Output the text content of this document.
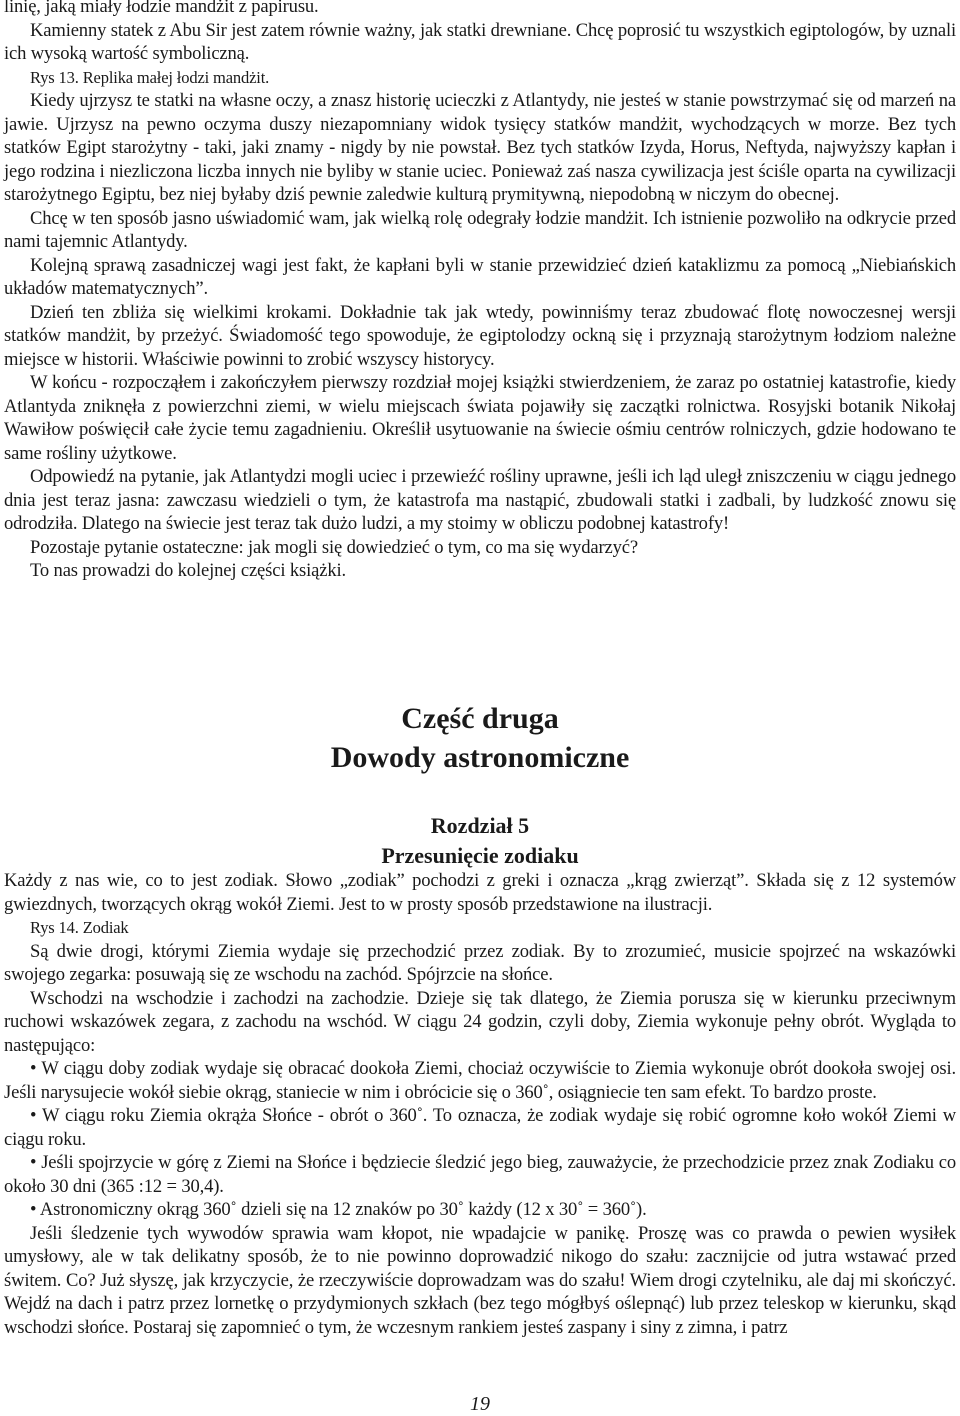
linię, jaką miały łodzie mandżit z papirusu.

Kamienny statek z Abu Sir jest zatem równie ważny, jak statki drewniane. Chcę poprosić tu wszystkich egiptologów, by uznali ich wysoką wartość symboliczną.

Rys 13. Replika małej łodzi mandżit.

Kiedy ujrzysz te statki na własne oczy, a znasz historię ucieczki z Atlantydy, nie jesteś w stanie powstrzymać się od marzeń na jawie. Ujrzysz na pewno oczyma duszy niezapomniany widok tysięcy statków mandżit, wychodzących w morze. Bez tych statków Egipt starożytny - taki, jaki znamy - nigdy by nie powstał. Bez tych statków Izyda, Horus, Neftyda, najwyższy kapłan i jego rodzina i niezliczona liczba innych nie byliby w stanie uciec. Ponieważ zaś nasza cywilizacja jest ściśle oparta na cywilizacji starożytnego Egiptu, bez niej byłaby dziś pewnie zaledwie kulturą prymitywną, niepodobną w niczym do obecnej.

Chcę w ten sposób jasno uświadomić wam, jak wielką rolę odegrały łodzie mandżit. Ich istnienie pozwoliło na odkrycie przed nami tajemnic Atlantydy.

Kolejną sprawą zasadniczej wagi jest fakt, że kapłani byli w stanie przewidzieć dzień kataklizmu za pomocą „Niebiańskich układów matematycznych”.

Dzień ten zbliża się wielkimi krokami. Dokładnie tak jak wtedy, powinniśmy teraz zbudować flotę nowoczesnej wersji statków mandżit, by przeżyć. Świadomość tego spowoduje, że egiptolodzy ockną się i przyznają starożytnym łodziom należne miejsce w historii. Właściwie powinni to zrobić wszyscy historycy.

W końcu - rozpocząłem i zakończyłem pierwszy rozdział mojej książki stwierdzeniem, że zaraz po ostatniej katastrofie, kiedy Atlantyda zniknęła z powierzchni ziemi, w wielu miejscach świata pojawiły się zaczątki rolnictwa. Rosyjski botanik Nikołaj Wawiłow poświęcił całe życie temu zagadnieniu. Określił usytuowanie na świecie ośmiu centrów rolniczych, gdzie hodowano te same rośliny użytkowe.

Odpowiedź na pytanie, jak Atlantydzi mogli uciec i przewieźć rośliny uprawne, jeśli ich ląd uległ zniszczeniu w ciągu jednego dnia jest teraz jasna: zawczasu wiedzieli o tym, że katastrofa ma nastąpić, zbudowali statki i zadbali, by ludzkość znowu się odrodziła. Dlatego na świecie jest teraz tak dużo ludzi, a my stoimy w obliczu podobnej katastrofy!

Pozostaje pytanie ostateczne: jak mogli się dowiedzieć o tym, co ma się wydarzyć?

To nas prowadzi do kolejnej części książki.

Część druga
Dowody astronomiczne
Rozdział 5
Przesunięcie zodiaku

Każdy z nas wie, co to jest zodiak. Słowo „zodiak” pochodzi z greki i oznacza „krąg zwierząt”. Składa się z 12 systemów gwiezdnych, tworzących okrąg wokół Ziemi. Jest to w prosty sposób przedstawione na ilustracji.

Rys 14. Zodiak

Są dwie drogi, którymi Ziemia wydaje się przechodzić przez zodiak. By to zrozumieć, musicie spojrzeć na wskazówki swojego zegarka: posuwają się ze wschodu na zachód. Spójrzcie na słońce.

Wschodzi na wschodzie i zachodzi na zachodzie. Dzieje się tak dlatego, że Ziemia porusza się w kierunku przeciwnym ruchowi wskazówek zegara, z zachodu na wschód. W ciągu 24 godzin, czyli doby, Ziemia wykonuje pełny obrót. Wygląda to następująco:

• W ciągu doby zodiak wydaje się obracać dookoła Ziemi, chociaż oczywiście to Ziemia wykonuje obrót dookoła swojej osi. Jeśli narysujecie wokół siebie okrąg, staniecie w nim i obrócicie się o 360˚, osiągniecie ten sam efekt. To bardzo proste.

• W ciągu roku Ziemia okrąża Słońce - obrót o 360˚. To oznacza, że zodiak wydaje się robić ogromne koło wokół Ziemi w ciągu roku.

• Jeśli spojrzycie w górę z Ziemi na Słońce i będziecie śledzić jego bieg, zauważycie, że przechodzicie przez znak Zodiaku co około 30 dni (365 :12 = 30,4).

• Astronomiczny okrąg 360˚ dzieli się na 12 znaków po 30˚ każdy (12 x 30˚ = 360˚).

Jeśli śledzenie tych wywodów sprawia wam kłopot, nie wpadajcie w panikę. Proszę was co prawda o pewien wysiłek umysłowy, ale w tak delikatny sposób, że to nie powinno doprowadzić nikogo do szału: zacznijcie od jutra wstawać przed świtem. Co? Już słyszę, jak krzyczycie, że rzeczywiście doprowadzam was do szału! Wiem drogi czytelniku, ale daj mi skończyć. Wejdź na dach i patrz przez lornetkę o przydymionych szkłach (bez tego mógłbyś oślepnąć) lub przez teleskop w kierunku, skąd wschodzi słońce. Postaraj się zapomnieć o tym, że wczesnym rankiem jesteś zaspany i siny z zimna, i patrz

19
